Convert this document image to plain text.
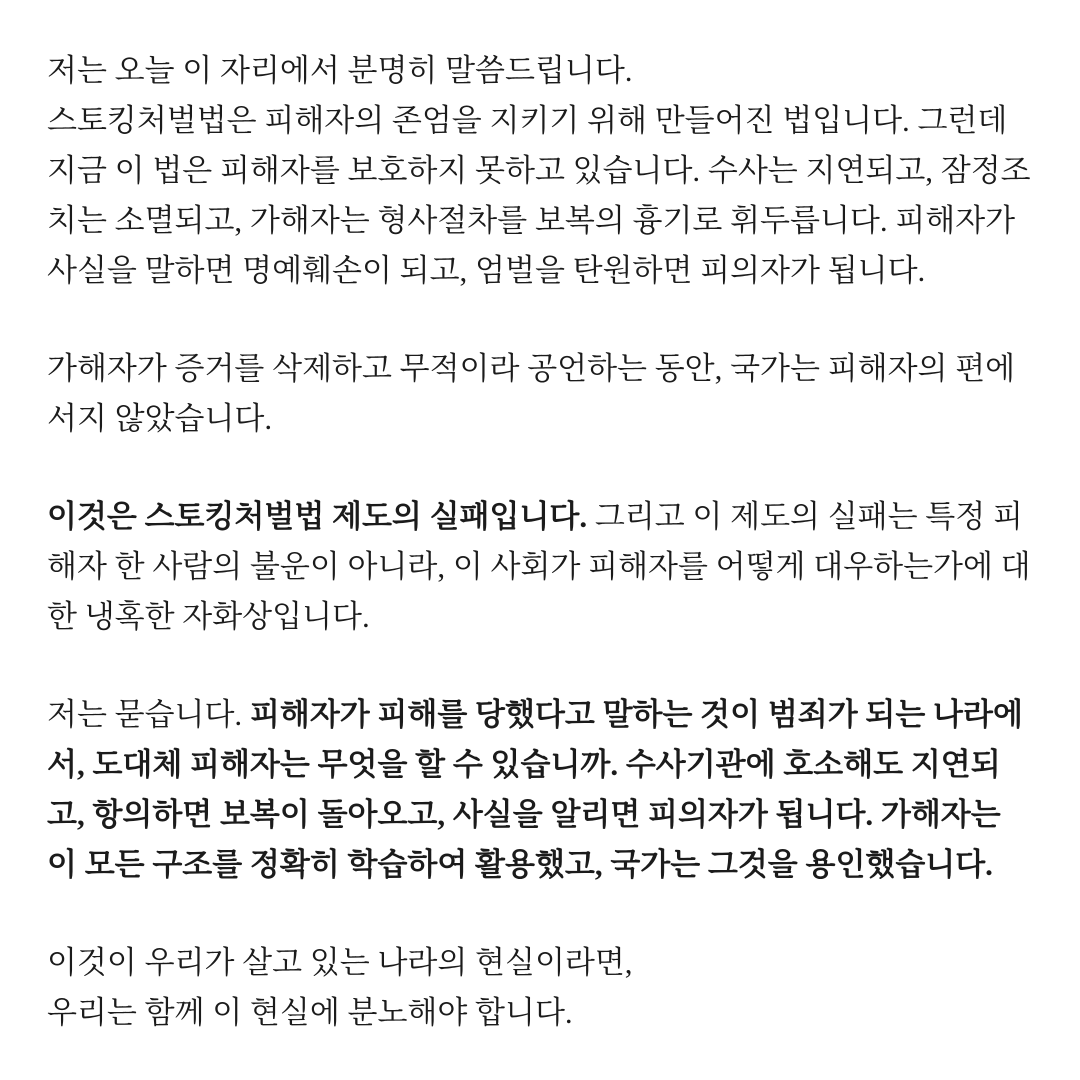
저는 오늘 이 자리에서 분명히 말씀드립니다.
스토킹처벌법은 피해자의 존엄을 지키기 위해 만들어진 법입니다. 그런데 지금 이 법은 피해자를 보호하지 못하고 있습니다. 수사는 지연되고, 잠정조치는 소멸되고, 가해자는 형사절차를 보복의 흉기로 휘두릅니다. 피해자가 사실을 말하면 명예훼손이 되고, 엄벌을 탄원하면 피의자가 됩니다.

가해자가 증거를 삭제하고 무적이라 공언하는 동안, 국가는 피해자의 편에 서지 않았습니다.

이것은 스토킹처벌법 제도의 실패입니다. 그리고 이 제도의 실패는 특정 피해자 한 사람의 불운이 아니라, 이 사회가 피해자를 어떻게 대우하는가에 대한 냉혹한 자화상입니다.

저는 묻습니다. 피해자가 피해를 당했다고 말하는 것이 범죄가 되는 나라에서, 도대체 피해자는 무엇을 할 수 있습니까. 수사기관에 호소해도 지연되고, 항의하면 보복이 돌아오고, 사실을 알리면 피의자가 됩니다. 가해자는 이 모든 구조를 정확히 학습하여 활용했고, 국가는 그것을 용인했습니다.

이것이 우리가 살고 있는 나라의 현실이라면,
우리는 함께 이 현실에 분노해야 합니다.
